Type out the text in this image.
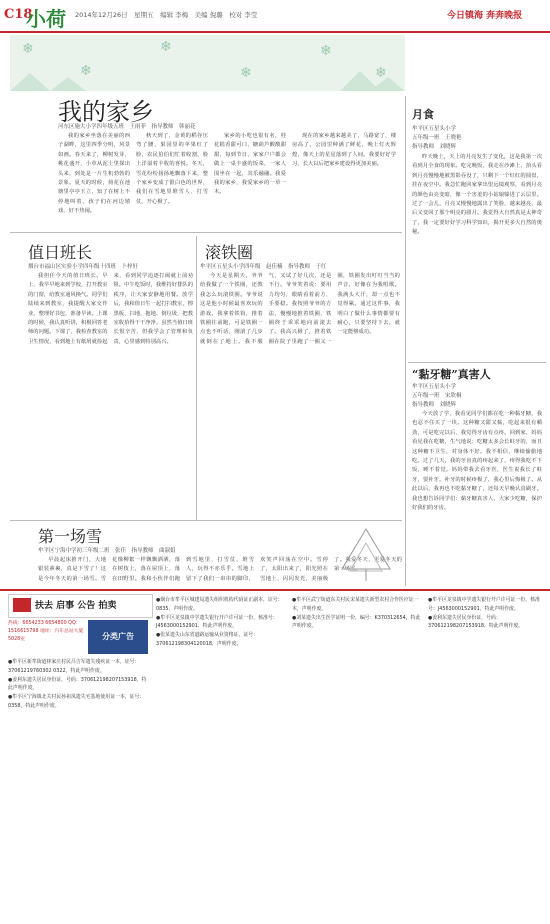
C18
小荷 2014年12月26日　星期五　编辑 李梅　美编 倪璐　校对 李莹	今日镇海 奔奔晚报
❄
❄
❄
❄
❄
❄
我的家乡
河东区施大小学四年级五班　王雨菲　指导教师　韩丽花
我的家乡坐落在美丽的西子湖畔，这里四季分明，风景如画。春天来了，柳树发芽，桃花盛开，小草从泥土里探出头来，到处是一片生机勃勃的景象。夏天的时候，荷花在池塘里亭亭玉立，知了在树上不停地叫着，孩子们在河边嬉戏，好不热闹。
秋天到了，金黄的稻谷压弯了腰，果园里的苹果红了脸，农民伯伯们忙着收割，脸上洋溢着丰收的喜悦。冬天，雪花纷纷扬扬地飘落下来，整个家乡变成了银白色的世界，我们在雪地里堆雪人、打雪仗，开心极了。
家乡的小吃也很有名，桂花糕香甜可口，糖葫芦酸酸甜甜，每到节日，家家户户都会做上一桌丰盛的饭菜，一家人围坐在一起，其乐融融。我爱我的家乡，我爱家乡的一草一木。
现在的家乡越来越美了，马路宽了，楼房高了，公园里种满了鲜花，晚上灯火辉煌，像天上的星星落到了人间。我要好好学习，长大以后把家乡建设得更加美丽。
月食
牟平区五星头小学
五年级一班　王晓艳
指导教师　刘晓辉
昨天晚上，天上的月亮发生了变化，这是我第一次看到月全食的现象。吃完晚饭，我走在沙滩上，抬头看到月亮慢慢地被黑影吞没了，只剩下一个红红的圆盘，挂在夜空中。我急忙跑回家拿出望远镜观察，看到月亮的颜色由亮变暗，像一个害羞的小姑娘躲进了云层里。过了一会儿，月亮又慢慢地露出了笑脸，越来越亮，最后又变回了那个明亮的圆月。我觉得大自然真是太神奇了，我一定要好好学习科学知识，揭开更多大自然的奥秘。
“黏牙糖”真害人
牟平区五星头小学
五年级一班　宋欣桐
指导教师　刘晓辉
今天放了学，我看见同学们都在吃一种黏牙糖，我也忍不住买了一块。这种糖又甜又黏，吃起来很有嚼劲，可是吃完以后，我觉得牙齿有点疼。回到家，妈妈看见我在吃糖，生气地说：吃糖太多会长蛀牙的，而且这种糖不卫生，对身体不好。我不相信，继续偷偷地吃。过了几天，我的牙齿真的疼起来了，疼得我吃不下饭，睡不着觉。妈妈带我去看牙医，医生说我长了蛀牙，要补牙。补牙的时候疼极了，我心里后悔极了。从此以后，我再也不吃黏牙糖了，还每天早晚认真刷牙。我也想告诉同学们：黏牙糖真害人，大家少吃糖，保护好我们的牙齿。
值日班长
烟台市福山区实验小学四年级十四班　卜梓轩
我担任今天的值日班长。早上，我早早地来到学校，打开教室的门窗，给教室通风换气。同学们陆续来到教室，我提醒大家交作业，整理好书包，准备早读。上课的时候，我认真听讲，积极回答老师的问题。下课了，我检查教室的卫生情况，看到地上有纸屑就捡起来，看到同学追逐打闹就上前劝阻。中午吃饭时，我维持好排队的秩序，让大家安静地用餐。放学后，我和值日生一起打扫教室，擦黑板、扫地、拖地、倒垃圾，把教室收拾得干干净净。虽然当值日班长很辛苦，但我学会了管理和负责，心里感到特别高兴。
滚铁圈
牟平区五星头小学四年级　赵佳楠　指导教师　于红
今天是星期天，爷爷给我做了一个铁圈，还教我怎么玩滚铁圈。爷爷说这是他小时候最喜欢玩的游戏。我拿着铁钩，推着铁圈往前跑，可是铁圈一点也不听话，刚滚了几步就倒在了地上。我不服气，又试了好几次，还是不行。爷爷笑着说：要用力均匀，眼睛看着前方，手要稳。我按照爷爷的方法，慢慢地推着铁圈，铁圈终于乖乖地向前滚去了。我高兴极了，推着铁圈在院子里跑了一圈又一圈，铁圈发出叮叮当当的声音，好像在为我唱歌。我满头大汗，却一点也不觉得累。通过这件事，我明白了做什么事情都要有耐心，只要坚持下去，就一定能够成功。
第一场雪
牟平区宁海中学初三年级二班　张佳　指导教师　曲淑娟
早晨起床推开门，大地银装素裹，真是下雪了！这是今年冬天的第一场雪。雪花像柳絮一样飘飘洒洒，落在树枝上，落在屋顶上，落在田野里。我和小伙伴们跑到雪地里，打雪仗、堆雪人，玩得不亦乐乎。雪地上留下了我们一串串的脚印，欢笑声回荡在空中。雪停了，太阳出来了，阳光照在雪地上，闪闪发光，美丽极了。我爱冬天，更爱冬天的第一场雪。
扶去 启事 公告 拍卖
分类广告
热线：6654233 6654800 QQ：1516615798 地址：汽车总站大厦5028室

●牟平区新牟街道林家庄村民吕吉军遗失残疾证一本，证号：37061219760302 0322，特此声明作废。

●姜利东遗失居民身份证，号码：370612198207153918，特此声明作废。

●牟平区宁海镇北关村民孙祖凤遗失宅基地使用证一本，证号：0358，特此声明作废。

●烟台市牟平区城建局遗失组织机构代码证正副本，证号：0835，声明作废。

●牟平区龙泉镇中学遗失银行开户许可证一份，核准号：J4563000152901，特此声明作废。

●张某遗失山东省道路运输从业资格证，证号：370612198304120018，声明作废。

●牟平区武宁街道东关村民宋某遗失新型农村合作医疗证一本，声明作废。

●刘某遗失出生医学证明一份，编号：K370312654，特此声明作废。

●牟平区龙泉镇中学遗失银行开户许可证一份，核准号：J4563000152901，特此声明作废。

●姜利东遗失居民身份证，号码：370612198207153918，特此声明作废。
